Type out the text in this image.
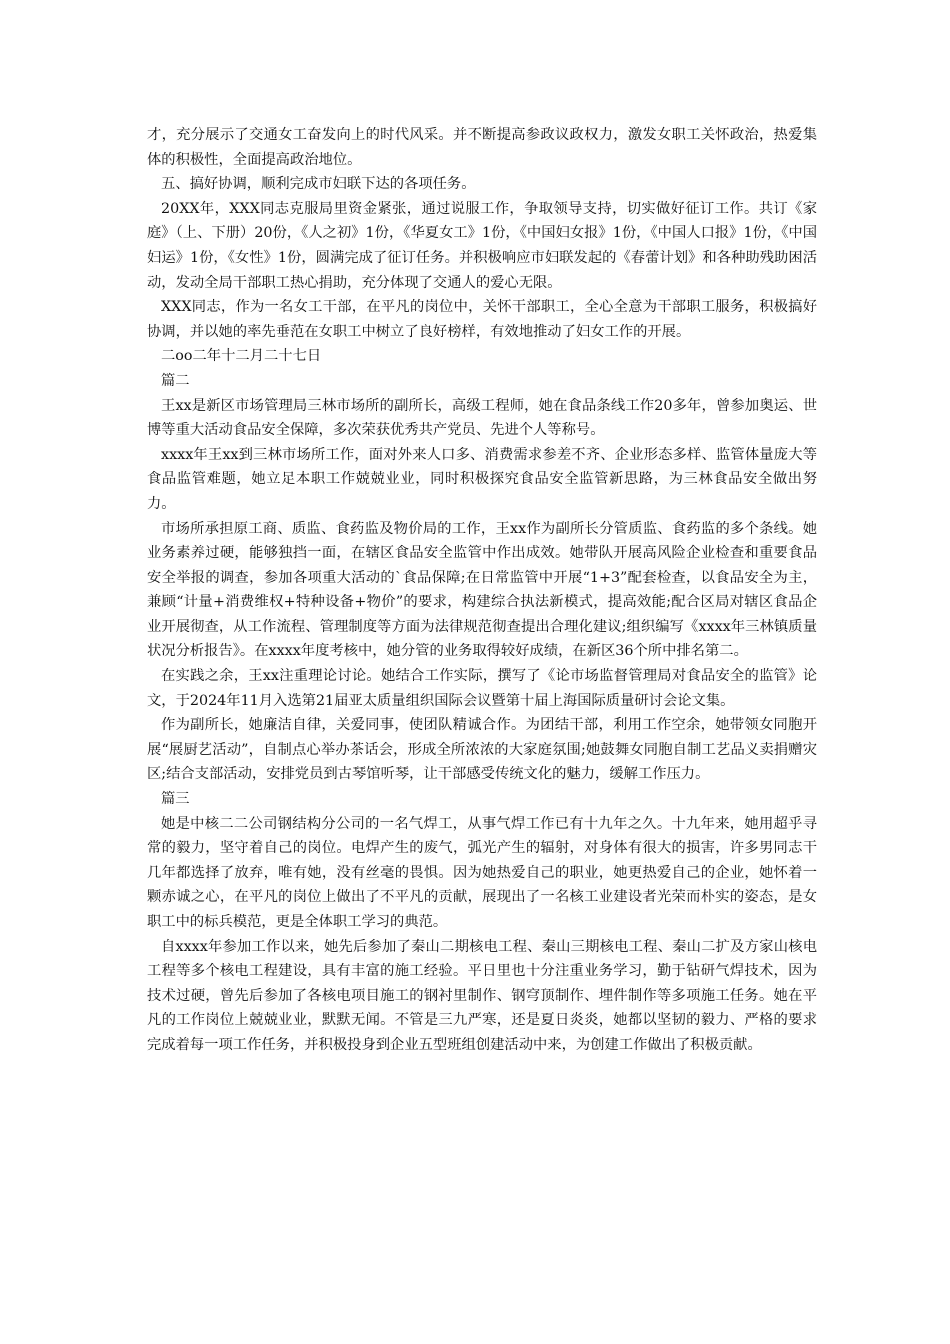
才，充分展示了交通女工奋发向上的时代风采。并不断提高参政议政权力，激发女职工关怀政治，热爱集体的积极性，全面提高政治地位。

五、搞好协调，顺利完成市妇联下达的各项任务。

20XX年，XXX同志克服局里资金紧张，通过说服工作，争取领导支持，切实做好征订工作。共订《家庭》（上、下册）20份，《人之初》1份，《华夏女工》1份，《中国妇女报》1份，《中国人口报》1份，《中国妇运》1份，《女性》1份，圆满完成了征订任务。并积极响应市妇联发起的《春蕾计划》和各种助残助困活动，发动全局干部职工热心捐助，充分体现了交通人的爱心无限。

XXX同志，作为一名女工干部，在平凡的岗位中，关怀干部职工，全心全意为干部职工服务，积极搞好协调，并以她的率先垂范在女职工中树立了良好榜样，有效地推动了妇女工作的开展。

二oo二年十二月二十七日

篇二

王xx是新区市场管理局三林市场所的副所长，高级工程师，她在食品条线工作20多年，曾参加奥运、世博等重大活动食品安全保障，多次荣获优秀共产党员、先进个人等称号。

xxxx年王xx到三林市场所工作，面对外来人口多、消费需求参差不齐、企业形态多样、监管体量庞大等食品监管难题，她立足本职工作兢兢业业，同时积极探究食品安全监管新思路，为三林食品安全做出努力。

市场所承担原工商、质监、食药监及物价局的工作，王xx作为副所长分管质监、食药监的多个条线。她业务素养过硬，能够独挡一面，在辖区食品安全监管中作出成效。她带队开展高风险企业检查和重要食品安全举报的调查，参加各项重大活动的`食品保障;在日常监管中开展“1+3”配套检查，以食品安全为主，兼顾“计量+消费维权+特种设备+物价”的要求，构建综合执法新模式，提高效能;配合区局对辖区食品企业开展彻查，从工作流程、管理制度等方面为法律规范彻查提出合理化建议;组织编写《xxxx年三林镇质量状况分析报告》。在xxxx年度考核中，她分管的业务取得较好成绩，在新区36个所中排名第二。

在实践之余，王xx注重理论讨论。她结合工作实际，撰写了《论市场监督管理局对食品安全的监管》论文，于2024年11月入选第21届亚太质量组织国际会议暨第十届上海国际质量研讨会论文集。

作为副所长，她廉洁自律，关爱同事，使团队精诚合作。为团结干部，利用工作空余，她带领女同胞开展“展厨艺活动”，自制点心举办茶话会，形成全所浓浓的大家庭氛围;她鼓舞女同胞自制工艺品义卖捐赠灾区;结合支部活动，安排党员到古琴馆听琴，让干部感受传统文化的魅力，缓解工作压力。

篇三

她是中核二二公司钢结构分公司的一名气焊工，从事气焊工作已有十九年之久。十九年来，她用超乎寻常的毅力，坚守着自己的岗位。电焊产生的废气，弧光产生的辐射，对身体有很大的损害，许多男同志干几年都选择了放弃，唯有她，没有丝毫的畏惧。因为她热爱自己的职业，她更热爱自己的企业，她怀着一颗赤诚之心，在平凡的岗位上做出了不平凡的贡献，展现出了一名核工业建设者光荣而朴实的姿态，是女职工中的标兵模范，更是全体职工学习的典范。

自xxxx年参加工作以来，她先后参加了秦山二期核电工程、秦山三期核电工程、秦山二扩及方家山核电工程等多个核电工程建设，具有丰富的施工经验。平日里也十分注重业务学习，勤于钻研气焊技术，因为技术过硬，曾先后参加了各核电项目施工的钢衬里制作、钢穹顶制作、埋件制作等多项施工任务。她在平凡的工作岗位上兢兢业业，默默无闻。不管是三九严寒，还是夏日炎炎，她都以坚韧的毅力、严格的要求完成着每一项工作任务，并积极投身到企业五型班组创建活动中来，为创建工作做出了积极贡献。
